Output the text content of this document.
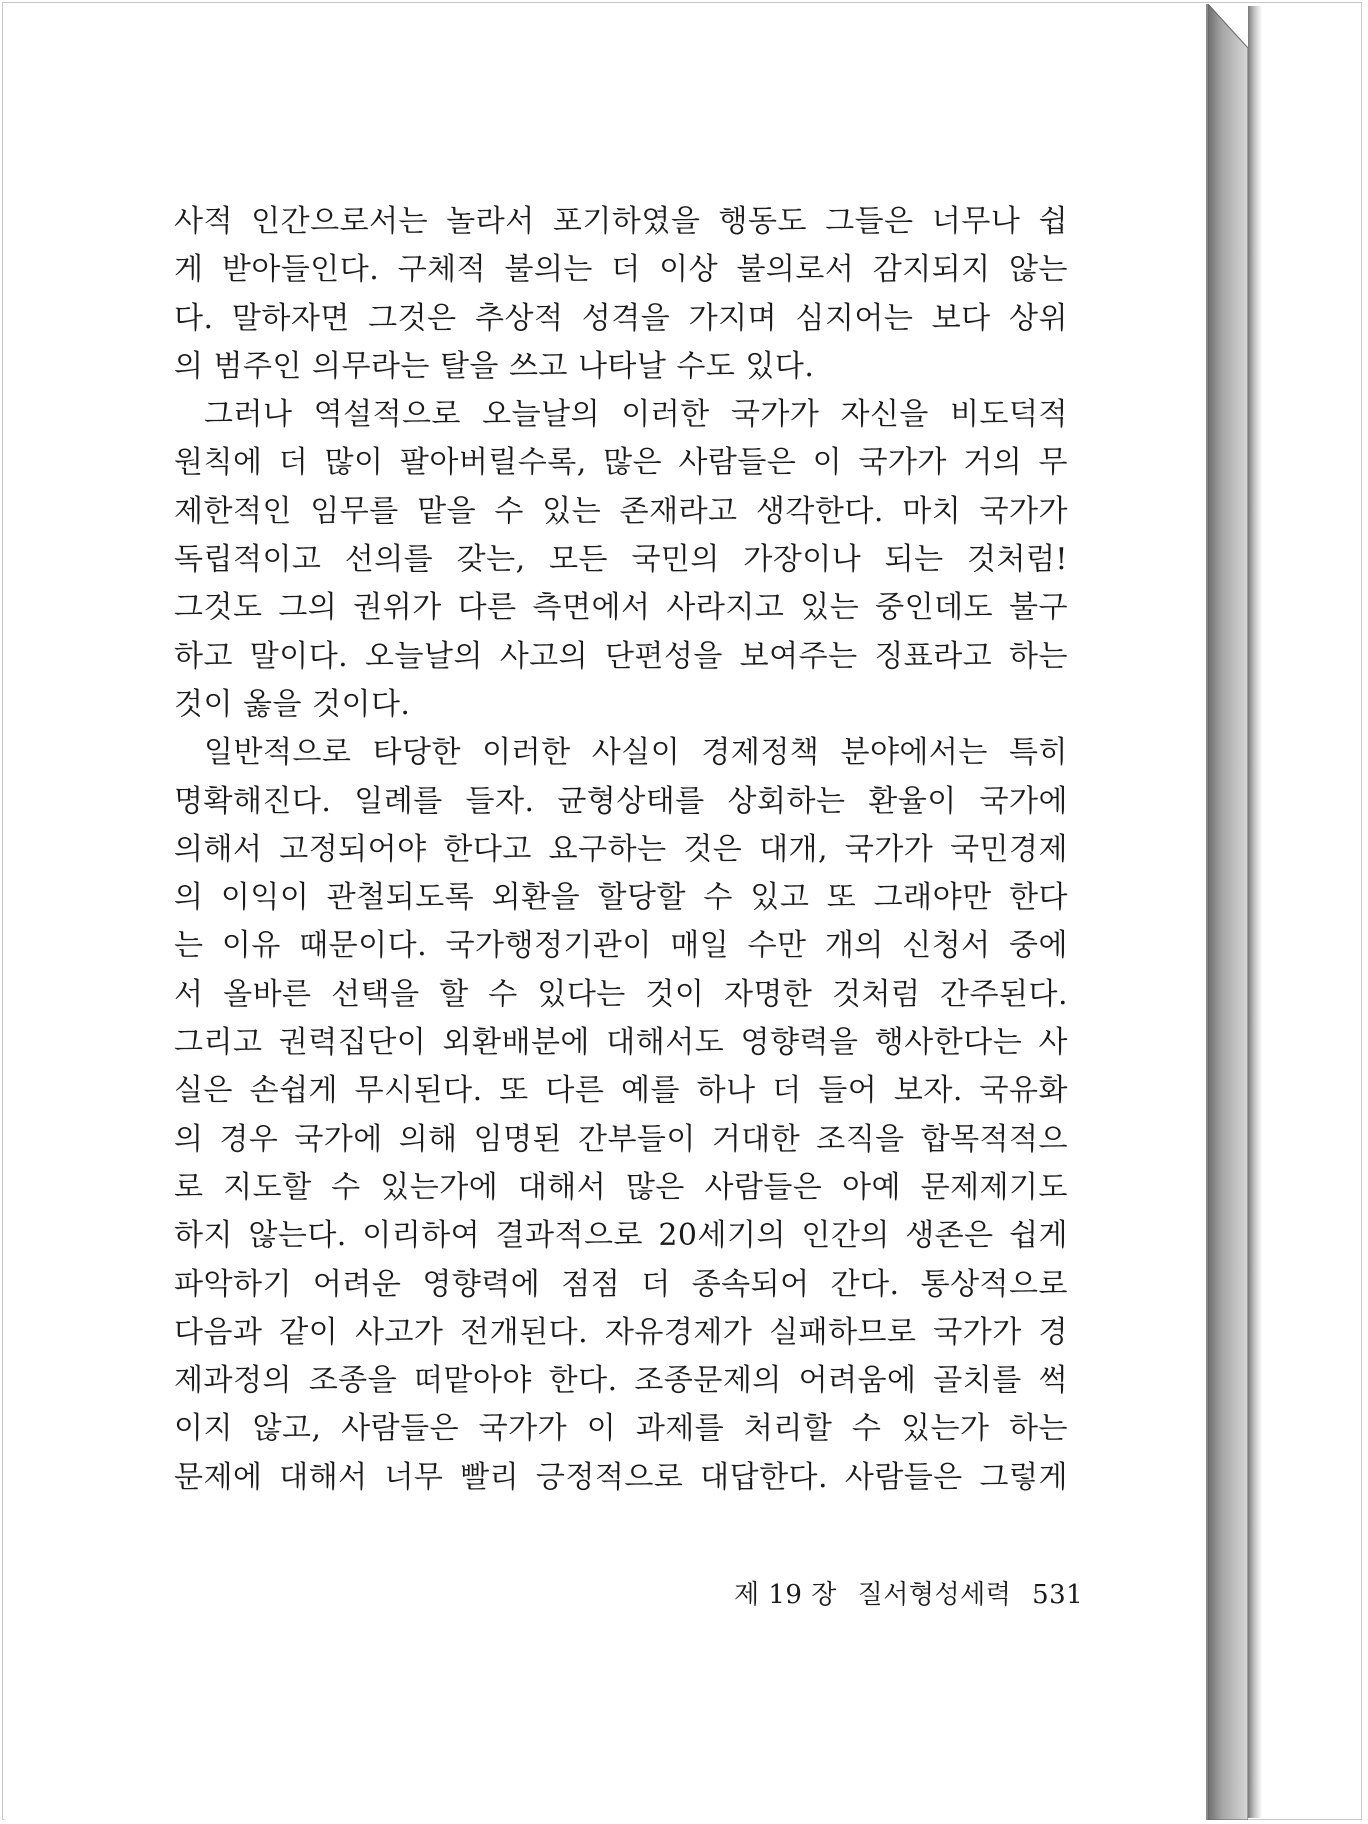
사적 인간으로서는 놀라서 포기하였을 행동도 그들은 너무나 쉽
게 받아들인다. 구체적 불의는 더 이상 불의로서 감지되지 않는
다. 말하자면 그것은 추상적 성격을 가지며 심지어는 보다 상위
의 범주인 의무라는 탈을 쓰고 나타날 수도 있다.
그러나 역설적으로 오늘날의 이러한 국가가 자신을 비도덕적
원칙에 더 많이 팔아버릴수록, 많은 사람들은 이 국가가 거의 무
제한적인 임무를 맡을 수 있는 존재라고 생각한다. 마치 국가가
독립적이고 선의를 갖는, 모든 국민의 가장이나 되는 것처럼!
그것도 그의 권위가 다른 측면에서 사라지고 있는 중인데도 불구
하고 말이다. 오늘날의 사고의 단편성을 보여주는 징표라고 하는
것이 옳을 것이다.
일반적으로 타당한 이러한 사실이 경제정책 분야에서는 특히
명확해진다. 일례를 들자. 균형상태를 상회하는 환율이 국가에
의해서 고정되어야 한다고 요구하는 것은 대개, 국가가 국민경제
의 이익이 관철되도록 외환을 할당할 수 있고 또 그래야만 한다
는 이유 때문이다. 국가행정기관이 매일 수만 개의 신청서 중에
서 올바른 선택을 할 수 있다는 것이 자명한 것처럼 간주된다.
그리고 권력집단이 외환배분에 대해서도 영향력을 행사한다는 사
실은 손쉽게 무시된다. 또 다른 예를 하나 더 들어 보자. 국유화
의 경우 국가에 의해 임명된 간부들이 거대한 조직을 합목적적으
로 지도할 수 있는가에 대해서 많은 사람들은 아예 문제제기도
하지 않는다. 이리하여 결과적으로 20세기의 인간의 생존은 쉽게
파악하기 어려운 영향력에 점점 더 종속되어 간다. 통상적으로
다음과 같이 사고가 전개된다. 자유경제가 실패하므로 국가가 경
제과정의 조종을 떠맡아야 한다. 조종문제의 어려움에 골치를 썩
이지 않고, 사람들은 국가가 이 과제를 처리할 수 있는가 하는
문제에 대해서 너무 빨리 긍정적으로 대답한다. 사람들은 그렇게
제 19 장 질서형성세력 531
